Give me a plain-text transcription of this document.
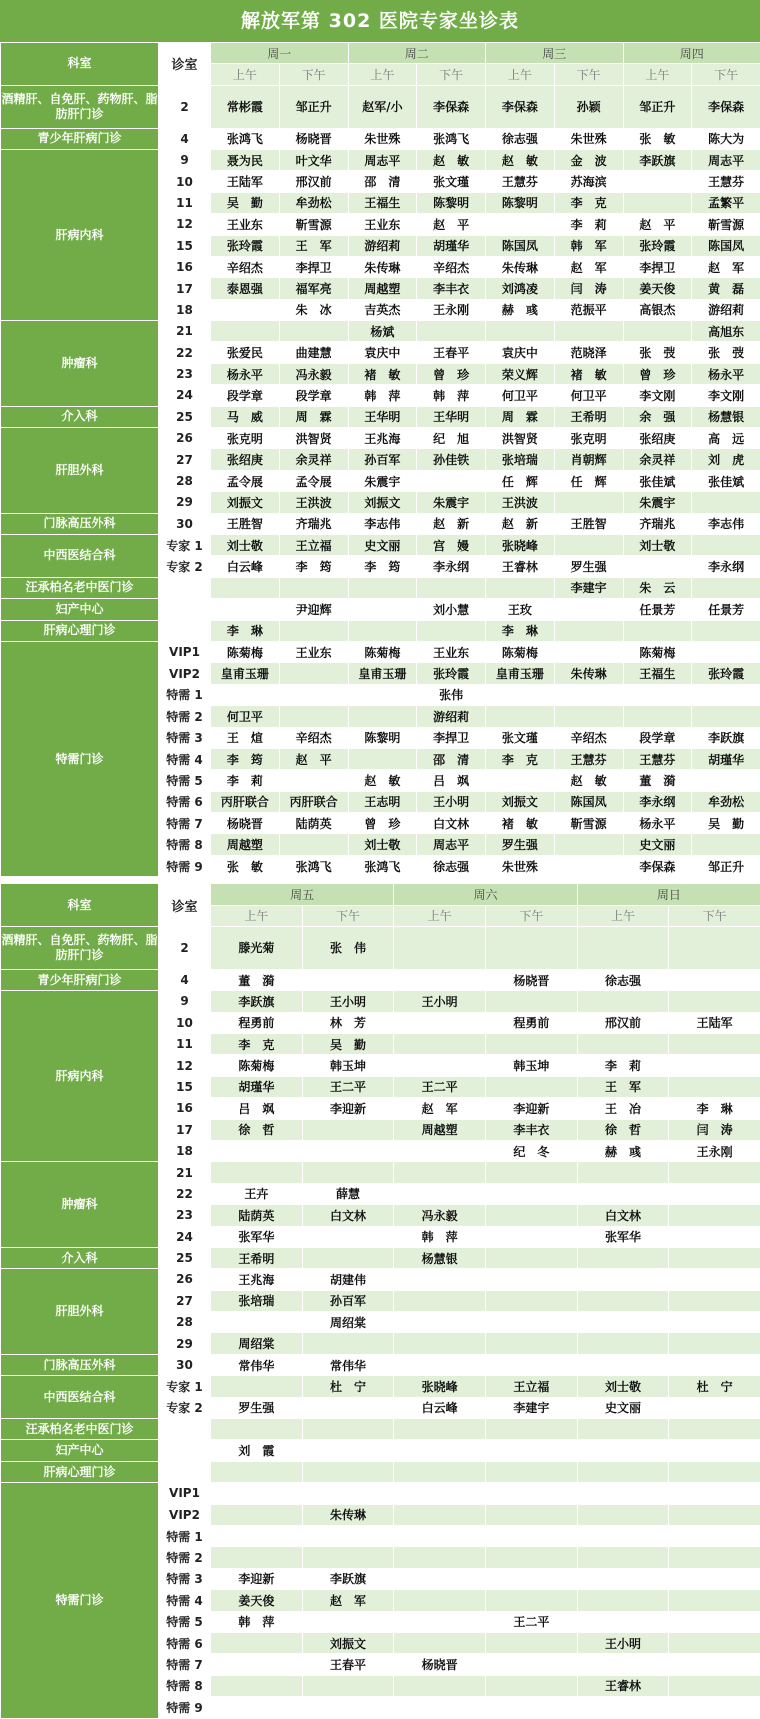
解放军第 302 医院专家坐诊表
科室	诊室	周一		周二		周三		周四	
		上午	下午	上午	下午	上午	下午	上午	下午
酒精肝、自免肝、药物肝、脂肪肝门诊	2	常彬霞	邹正升	赵军/小	李保森	李保森	孙颖	邹正升	李保森
青少年肝病门诊	4	张鸿飞	杨晓晋	朱世殊	张鸿飞	徐志强	朱世殊	张　敏	陈大为
肝病内科	9	聂为民	叶文华	周志平	赵　敏	赵　敏	金　波	李跃旗	周志平
	10	王陆军	邢汉前	邵　清	张文瑾	王慧芬	苏海滨		王慧芬
	11	吴　勤	牟劲松	王福生	陈黎明	陈黎明	李　克		孟繁平
	12	王业东	靳雪源	王业东	赵　平		李　莉	赵　平	靳雪源
	15	张玲霞	王　军	游绍莉	胡瑾华	陈国凤	韩　军	张玲霞	陈国凤
	16	辛绍杰	李捍卫	朱传琳	辛绍杰	朱传琳	赵　军	李捍卫	赵　军
	17	泰恩强	福军亮	周越塑	李丰衣	刘鸿凌	闫　涛	姜天俊	黄　磊
	18		朱　冰	吉英杰	王永刚	赫　彧	范振平	高银杰	游绍莉
肿瘤科	21			杨斌					高旭东
	22	张爱民	曲建慧	袁庆中	王春平	袁庆中	范晓泽	张　弢	张　弢
	23	杨永平	冯永毅	褚　敏	曾　珍	荣义辉	褚　敏	曾　珍	杨永平
	24	段学章	段学章	韩　萍	韩　萍	何卫平	何卫平	李文刚	李文刚
介入科	25	马　威	周　霖	王华明	王华明	周　霖	王希明	余　强	杨慧银
肝胆外科	26	张克明	洪智贤	王兆海	纪　旭	洪智贤	张克明	张绍庚	高　远
	27	张绍庚	余灵祥	孙百军	孙佳铁	张培瑞	肖朝辉	余灵祥	刘　虎
	28	孟令展	孟令展	朱震宇		任　辉	任　辉	张佳斌	张佳斌
	29	刘振文	王洪波	刘振文	朱震宇	王洪波		朱震宇	
门脉高压外科	30	王胜智	齐瑞兆	李志伟	赵　新	赵　新	王胜智	齐瑞兆	李志伟
中西医结合科	专家 1	刘士敬	王立福	史文丽	宫　嫚	张晓峰		刘士敬	
	专家 2	白云峰	李　筠	李　筠	李永纲	王睿林	罗生强		李永纲
汪承柏名老中医门诊							李建宇	朱　云	
妇产中心			尹迎辉		刘小慧	王玫		任景芳	任景芳
肝病心理门诊		李　琳				李　琳			
特需门诊	VIP1	陈菊梅	王业东	陈菊梅	王业东	陈菊梅		陈菊梅	
	VIP2	皇甫玉珊		皇甫玉珊	张玲霞	皇甫玉珊	朱传琳	王福生	张玲霞
	特需 1				张伟				
	特需 2	何卫平			游绍莉				
	特需 3	王　煊	辛绍杰	陈黎明	李捍卫	张文瑾	辛绍杰	段学章	李跃旗
	特需 4	李　筠	赵　平		邵　清	李　克	王慧芬	王慧芬	胡瑾华
	特需 5	李　莉		赵　敏	吕　飒		赵　敏	董　漪	
	特需 6	丙肝联合	丙肝联合	王志明	王小明	刘振文	陈国凤	李永纲	牟劲松
	特需 7	杨晓晋	陆荫英	曾　珍	白文林	褚　敏	靳雪源	杨永平	吴　勤
	特需 8	周越塑		刘士敬	周志平	罗生强		史文丽	
	特需 9	张　敏	张鸿飞	张鸿飞	徐志强	朱世殊		李保森	邹正升
科室	诊室	周五		周六		周日	
		上午	下午	上午	下午	上午	下午
酒精肝、自免肝、药物肝、脂肪肝门诊	2	滕光菊	张　伟				
青少年肝病门诊	4	董　漪			杨晓晋	徐志强	
肝病内科	9	李跃旗	王小明	王小明			
	10	程勇前	林　芳		程勇前	邢汉前	王陆军
	11	李　克	吴　勤				
	12	陈菊梅	韩玉坤		韩玉坤	李　莉	
	15	胡瑾华	王二平	王二平		王　军	
	16	吕　飒	李迎新	赵　军	李迎新	王　冶	李　琳
	17	徐　哲		周越塑	李丰衣	徐　哲	闫　涛
	18				纪　冬	赫　彧	王永刚
肿瘤科	21						
	22	王卉	薛慧				
	23	陆荫英	白文林	冯永毅		白文林	
	24	张军华		韩　萍		张军华	
介入科	25	王希明		杨慧银			
肝胆外科	26	王兆海	胡建伟				
	27	张培瑞	孙百军				
	28		周绍棠				
	29	周绍棠					
门脉高压外科	30	常伟华	常伟华				
中西医结合科	专家 1		杜　宁	张晓峰	王立福	刘士敬	杜　宁
	专家 2	罗生强		白云峰	李建宇	史文丽	
汪承柏名老中医门诊							
妇产中心		刘　霞					
肝病心理门诊							
特需门诊	VIP1						
	VIP2		朱传琳				
	特需 1						
	特需 2						
	特需 3	李迎新	李跃旗				
	特需 4	姜天俊	赵　军				
	特需 5	韩　萍			王二平		
	特需 6		刘振文			王小明	
	特需 7		王春平	杨晓晋			
	特需 8					王睿林	
	特需 9						
